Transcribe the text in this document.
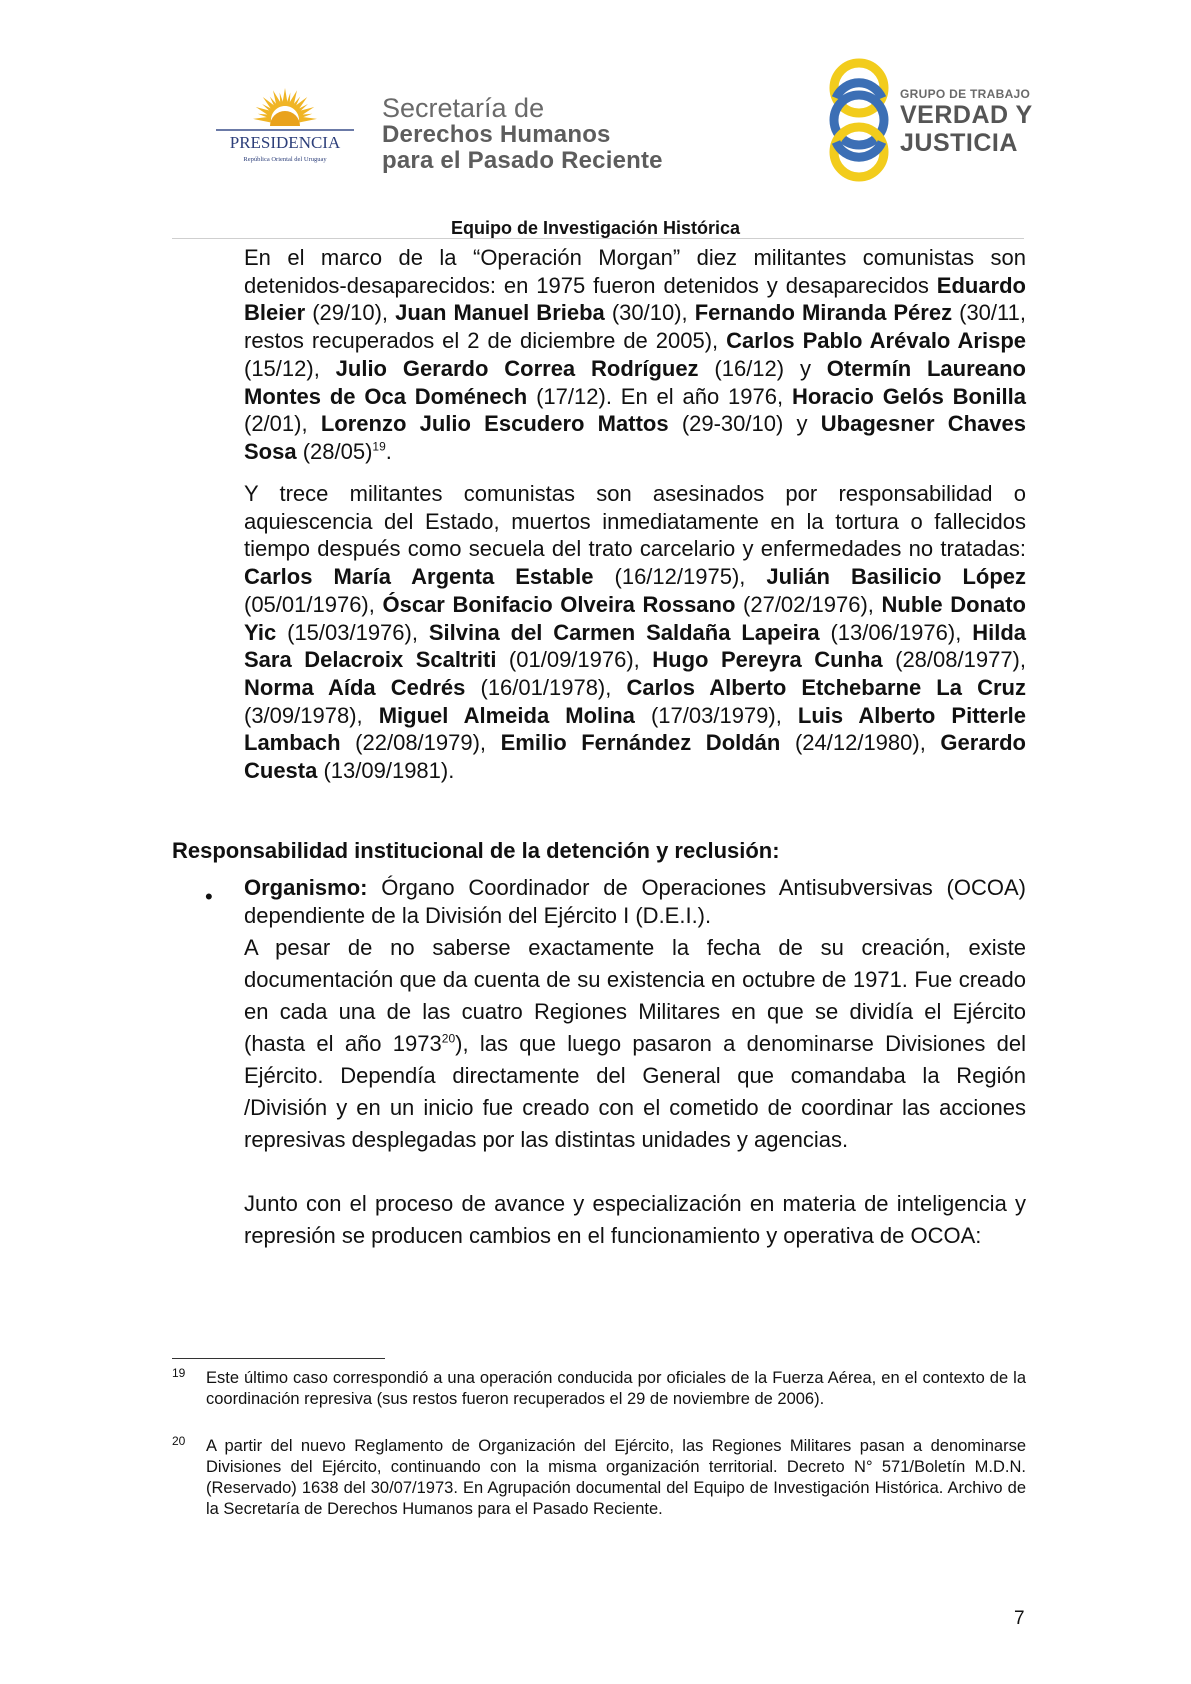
PRESIDENCIA
República Oriental del Uruguay
Secretaría de
Derechos Humanos
para el Pasado Reciente
GRUPO DE TRABAJO
VERDAD Y
JUSTICIA
Equipo de Investigación Histórica

En el marco de la “Operación Morgan” diez militantes comunistas son detenidos-desaparecidos: en 1975 fueron detenidos y desaparecidos Eduardo Bleier (29/10), Juan Manuel Brieba (30/10), Fernando Miranda Pérez (30/11, restos recuperados el 2 de diciembre de 2005), Carlos Pablo Arévalo Arispe (15/12), Julio Gerardo Correa Rodríguez (16/12) y Otermín Laureano Montes de Oca Doménech (17/12). En el año 1976, Horacio Gelós Bonilla (2/01), Lorenzo Julio Escudero Mattos (29-30/10) y Ubagesner Chaves Sosa $(28/05)^{19}$.

Y trece militantes comunistas son asesinados por responsabilidad o aquiescencia del Estado, muertos inmediatamente en la tortura o fallecidos tiempo después como secuela del trato carcelario y enfermedades no tratadas: Carlos María Argenta Estable (16/12/1975), Julián Basilicio López (05/01/1976), Óscar Bonifacio Olveira Rossano (27/02/1976), Nuble Donato Yic (15/03/1976), Silvina del Carmen Saldaña Lapeira (13/06/1976), Hilda Sara Delacroix Scaltriti (01/09/1976), Hugo Pereyra Cunha (28/08/1977), Norma Aída Cedrés (16/01/1978), Carlos Alberto Etchebarne La Cruz (3/09/1978), Miguel Almeida Molina (17/03/1979), Luis Alberto Pitterle Lambach (22/08/1979), Emilio Fernández Doldán (24/12/1980), Gerardo Cuesta (13/09/1981).

Responsabilidad institucional de la detención y reclusión:

• Organismo: Órgano Coordinador de Operaciones Antisubversivas (OCOA) dependiente de la División del Ejército I (D.E.I.).

A pesar de no saberse exactamente la fecha de su creación, existe documentación que da cuenta de su existencia en octubre de 1971. Fue creado en cada una de las cuatro Regiones Militares en que se dividía el Ejército (hasta el año 1973$^{20}$), las que luego pasaron a denominarse Divisiones del Ejército. Dependía directamente del General que comandaba la Región /División y en un inicio fue creado con el cometido de coordinar las acciones represivas desplegadas por las distintas unidades y agencias.

Junto con el proceso de avance y especialización en materia de inteligencia y represión se producen cambios en el funcionamiento y operativa de OCOA:

19 Este último caso correspondió a una operación conducida por oficiales de la Fuerza Aérea, en el contexto de la coordinación represiva (sus restos fueron recuperados el 29 de noviembre de 2006).

20 A partir del nuevo Reglamento de Organización del Ejército, las Regiones Militares pasan a denominarse Divisiones del Ejército, continuando con la misma organización territorial. Decreto N° 571/Boletín M.D.N. (Reservado) 1638 del 30/07/1973. En Agrupación documental del Equipo de Investigación Histórica. Archivo de la Secretaría de Derechos Humanos para el Pasado Reciente.

7
